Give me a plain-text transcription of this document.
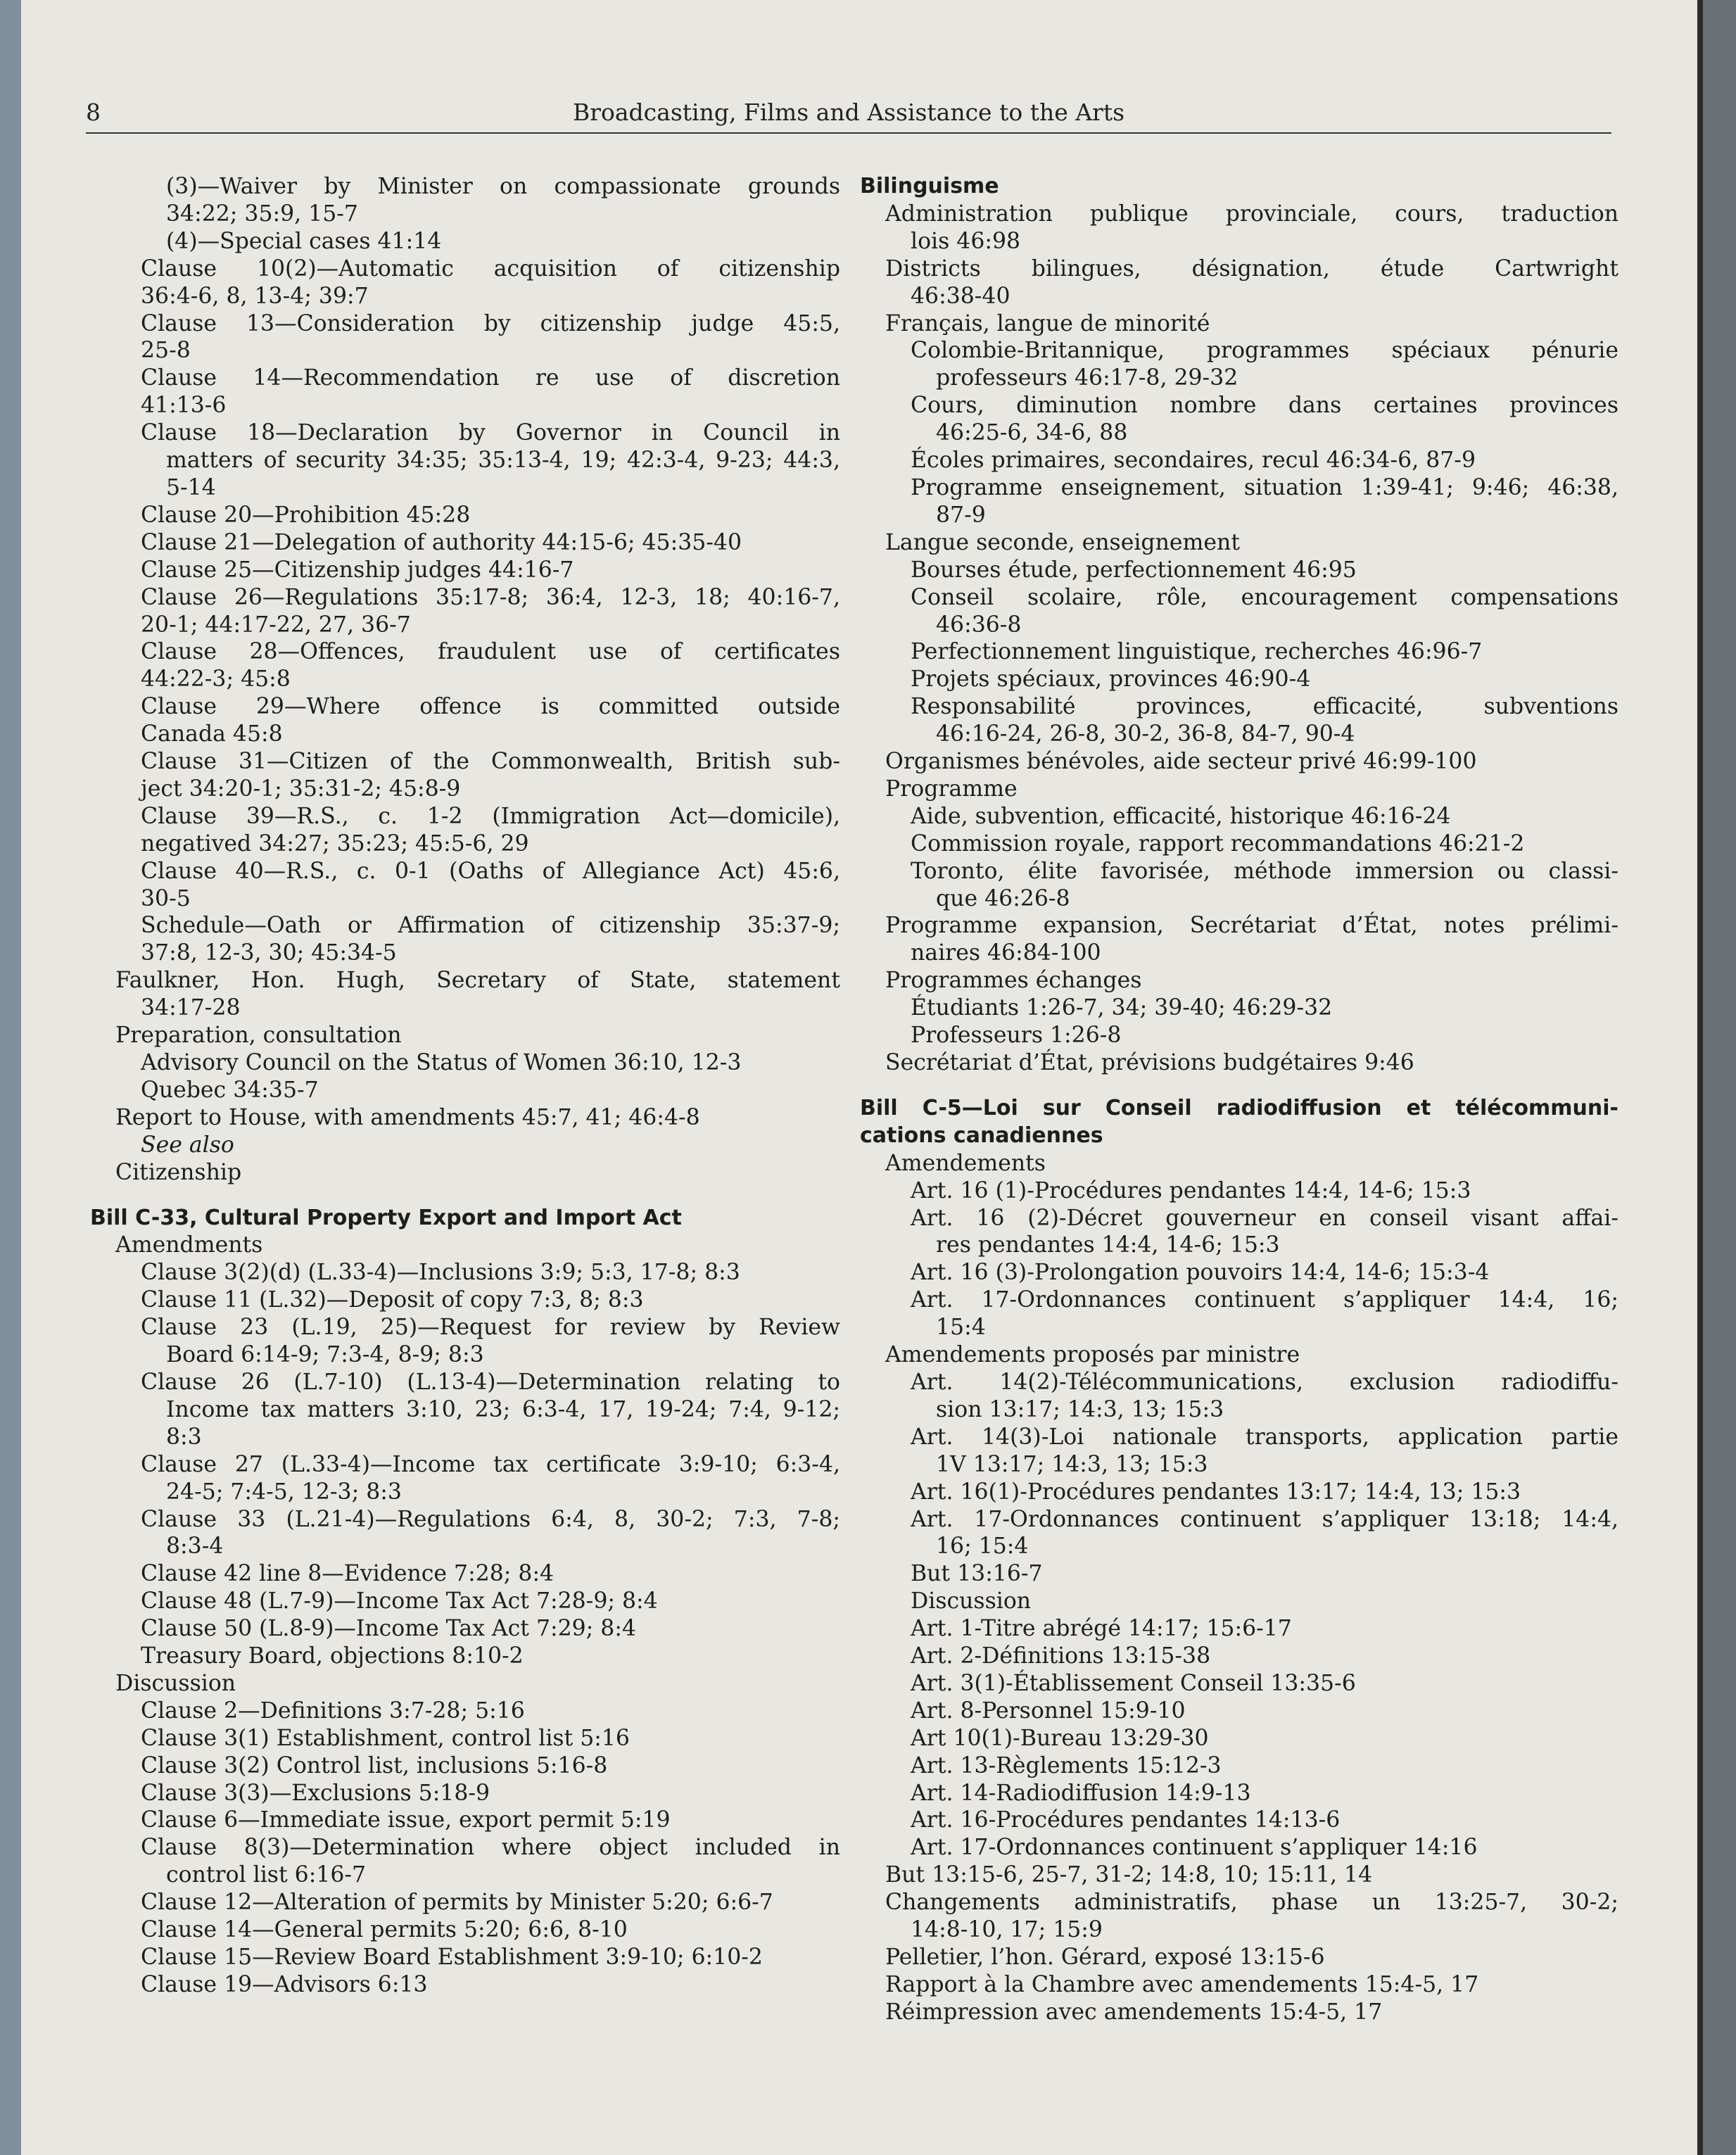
8	Broadcasting, Films and Assistance to the Arts
(3)—Waiver by Minister on compassionate grounds
34:22; 35:9, 15-7
(4)—Special cases 41:14
Clause 10(2)—Automatic acquisition of citizenship
36:4-6, 8, 13-4; 39:7
Clause 13—Consideration by citizenship judge 45:5,
25-8
Clause 14—Recommendation re use of discretion
41:13-6
Clause 18—Declaration by Governor in Council in
matters of security 34:35; 35:13-4, 19; 42:3-4, 9-23; 44:3,
5-14
Clause 20—Prohibition 45:28
Clause 21—Delegation of authority 44:15-6; 45:35-40
Clause 25—Citizenship judges 44:16-7
Clause 26—Regulations 35:17-8; 36:4, 12-3, 18; 40:16-7,
20-1; 44:17-22, 27, 36-7
Clause 28—Offences, fraudulent use of certificates
44:22-3; 45:8
Clause 29—Where offence is committed outside
Canada 45:8
Clause 31—Citizen of the Commonwealth, British sub-
ject 34:20-1; 35:31-2; 45:8-9
Clause 39—R.S., c. 1-2 (Immigration Act—domicile),
negatived 34:27; 35:23; 45:5-6, 29
Clause 40—R.S., c. 0-1 (Oaths of Allegiance Act) 45:6,
30-5
Schedule—Oath or Affirmation of citizenship 35:37-9;
37:8, 12-3, 30; 45:34-5
Faulkner, Hon. Hugh, Secretary of State, statement
34:17-28
Preparation, consultation
Advisory Council on the Status of Women 36:10, 12-3
Quebec 34:35-7
Report to House, with amendments 45:7, 41; 46:4-8
See also
Citizenship
Bill C-33, Cultural Property Export and Import Act
Amendments
Clause 3(2)(d) (L.33-4)—Inclusions 3:9; 5:3, 17-8; 8:3
Clause 11 (L.32)—Deposit of copy 7:3, 8; 8:3
Clause 23 (L.19, 25)—Request for review by Review
Board 6:14-9; 7:3-4, 8-9; 8:3
Clause 26 (L.7-10) (L.13-4)—Determination relating to
Income tax matters 3:10, 23; 6:3-4, 17, 19-24; 7:4, 9-12;
8:3
Clause 27 (L.33-4)—Income tax certificate 3:9-10; 6:3-4,
24-5; 7:4-5, 12-3; 8:3
Clause 33 (L.21-4)—Regulations 6:4, 8, 30-2; 7:3, 7-8;
8:3-4
Clause 42 line 8—Evidence 7:28; 8:4
Clause 48 (L.7-9)—Income Tax Act 7:28-9; 8:4
Clause 50 (L.8-9)—Income Tax Act 7:29; 8:4
Treasury Board, objections 8:10-2
Discussion
Clause 2—Definitions 3:7-28; 5:16
Clause 3(1) Establishment, control list 5:16
Clause 3(2) Control list, inclusions 5:16-8
Clause 3(3)—Exclusions 5:18-9
Clause 6—Immediate issue, export permit 5:19
Clause 8(3)—Determination where object included in
control list 6:16-7
Clause 12—Alteration of permits by Minister 5:20; 6:6-7
Clause 14—General permits 5:20; 6:6, 8-10
Clause 15—Review Board Establishment 3:9-10; 6:10-2
Clause 19—Advisors 6:13
Bilinguisme
Administration publique provinciale, cours, traduction
lois 46:98
Districts bilingues, désignation, étude Cartwright
46:38-40
Français, langue de minorité
Colombie-Britannique, programmes spéciaux pénurie
professeurs 46:17-8, 29-32
Cours, diminution nombre dans certaines provinces
46:25-6, 34-6, 88
Écoles primaires, secondaires, recul 46:34-6, 87-9
Programme enseignement, situation 1:39-41; 9:46; 46:38,
87-9
Langue seconde, enseignement
Bourses étude, perfectionnement 46:95
Conseil scolaire, rôle, encouragement compensations
46:36-8
Perfectionnement linguistique, recherches 46:96-7
Projets spéciaux, provinces 46:90-4
Responsabilité provinces, efficacité, subventions
46:16-24, 26-8, 30-2, 36-8, 84-7, 90-4
Organismes bénévoles, aide secteur privé 46:99-100
Programme
Aide, subvention, efficacité, historique 46:16-24
Commission royale, rapport recommandations 46:21-2
Toronto, élite favorisée, méthode immersion ou classi-
que 46:26-8
Programme expansion, Secrétariat d’État, notes prélimi-
naires 46:84-100
Programmes échanges
Étudiants 1:26-7, 34; 39-40; 46:29-32
Professeurs 1:26-8
Secrétariat d’État, prévisions budgétaires 9:46
Bill C-5—Loi sur Conseil radiodiffusion et télécommuni-
cations canadiennes
Amendements
Art. 16 (1)-Procédures pendantes 14:4, 14-6; 15:3
Art. 16 (2)-Décret gouverneur en conseil visant affai-
res pendantes 14:4, 14-6; 15:3
Art. 16 (3)-Prolongation pouvoirs 14:4, 14-6; 15:3-4
Art. 17-Ordonnances continuent s’appliquer 14:4, 16;
15:4
Amendements proposés par ministre
Art. 14(2)-Télécommunications, exclusion radiodiffu-
sion 13:17; 14:3, 13; 15:3
Art. 14(3)-Loi nationale transports, application partie
1V 13:17; 14:3, 13; 15:3
Art. 16(1)-Procédures pendantes 13:17; 14:4, 13; 15:3
Art. 17-Ordonnances continuent s’appliquer 13:18; 14:4,
16; 15:4
But 13:16-7
Discussion
Art. 1-Titre abrégé 14:17; 15:6-17
Art. 2-Définitions 13:15-38
Art. 3(1)-Établissement Conseil 13:35-6
Art. 8-Personnel 15:9-10
Art 10(1)-Bureau 13:29-30
Art. 13-Règlements 15:12-3
Art. 14-Radiodiffusion 14:9-13
Art. 16-Procédures pendantes 14:13-6
Art. 17-Ordonnances continuent s’appliquer 14:16
But 13:15-6, 25-7, 31-2; 14:8, 10; 15:11, 14
Changements administratifs, phase un 13:25-7, 30-2;
14:8-10, 17; 15:9
Pelletier, l’hon. Gérard, exposé 13:15-6
Rapport à la Chambre avec amendements 15:4-5, 17
Réimpression avec amendements 15:4-5, 17
